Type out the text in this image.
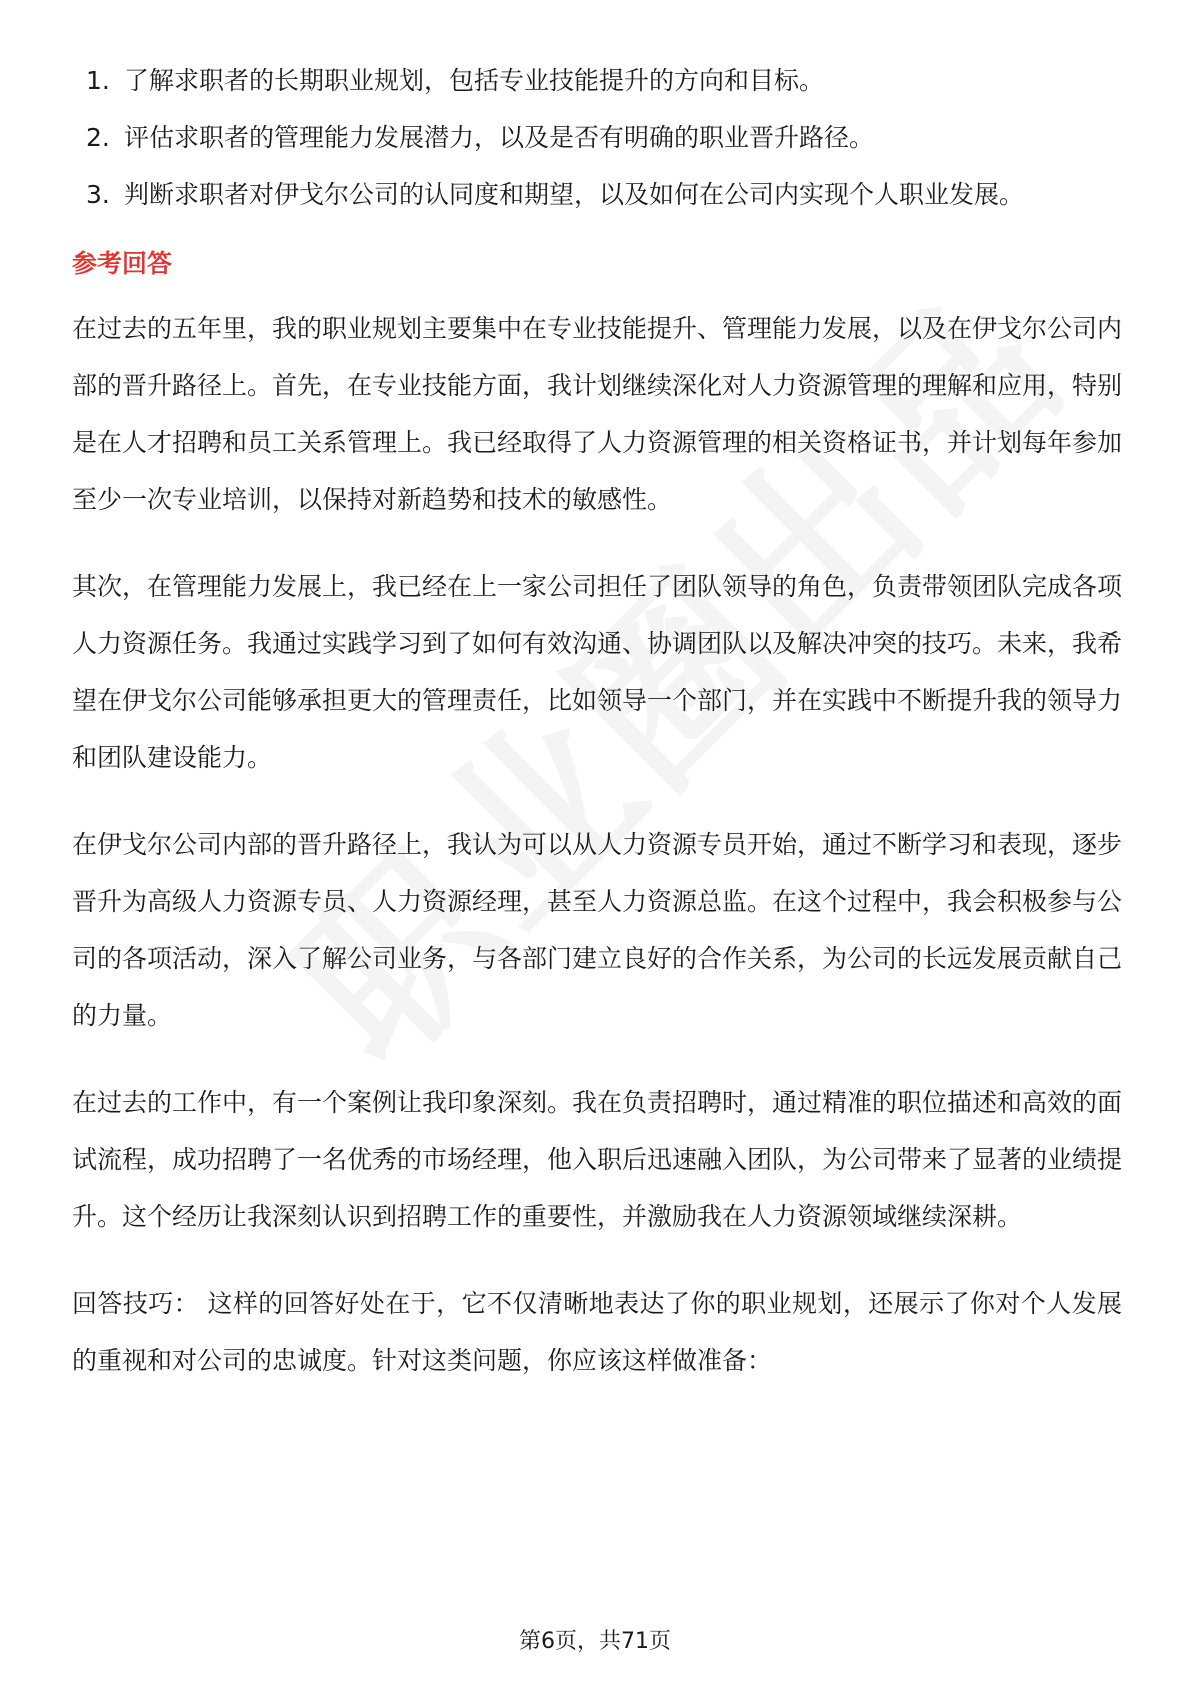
1. 了解求职者的长期职业规划，包括专业技能提升的方向和目标。
2. 评估求职者的管理能力发展潜力，以及是否有明确的职业晋升路径。
3. 判断求职者对伊戈尔公司的认同度和期望，以及如何在公司内实现个人职业发展。
参考回答

在过去的五年里，我的职业规划主要集中在专业技能提升、管理能力发展，以及在伊戈尔公司内部的晋升路径上。首先，在专业技能方面，我计划继续深化对人力资源管理的理解和应用，特别是在人才招聘和员工关系管理上。我已经取得了人力资源管理的相关资格证书，并计划每年参加至少一次专业培训，以保持对新趋势和技术的敏感性。

其次，在管理能力发展上，我已经在上一家公司担任了团队领导的角色，负责带领团队完成各项人力资源任务。我通过实践学习到了如何有效沟通、协调团队以及解决冲突的技巧。未来，我希望在伊戈尔公司能够承担更大的管理责任，比如领导一个部门，并在实践中不断提升我的领导力和团队建设能力。

在伊戈尔公司内部的晋升路径上，我认为可以从人力资源专员开始，通过不断学习和表现，逐步晋升为高级人力资源专员、人力资源经理，甚至人力资源总监。在这个过程中，我会积极参与公司的各项活动，深入了解公司业务，与各部门建立良好的合作关系，为公司的长远发展贡献自己的力量。

在过去的工作中，有一个案例让我印象深刻。我在负责招聘时，通过精准的职位描述和高效的面试流程，成功招聘了一名优秀的市场经理，他入职后迅速融入团队，为公司带来了显著的业绩提升。这个经历让我深刻认识到招聘工作的重要性，并激励我在人力资源领域继续深耕。

回答技巧： 这样的回答好处在于，它不仅清晰地表达了你的职业规划，还展示了你对个人发展的重视和对公司的忠诚度。针对这类问题，你应该这样做准备：

第6页，共71页
